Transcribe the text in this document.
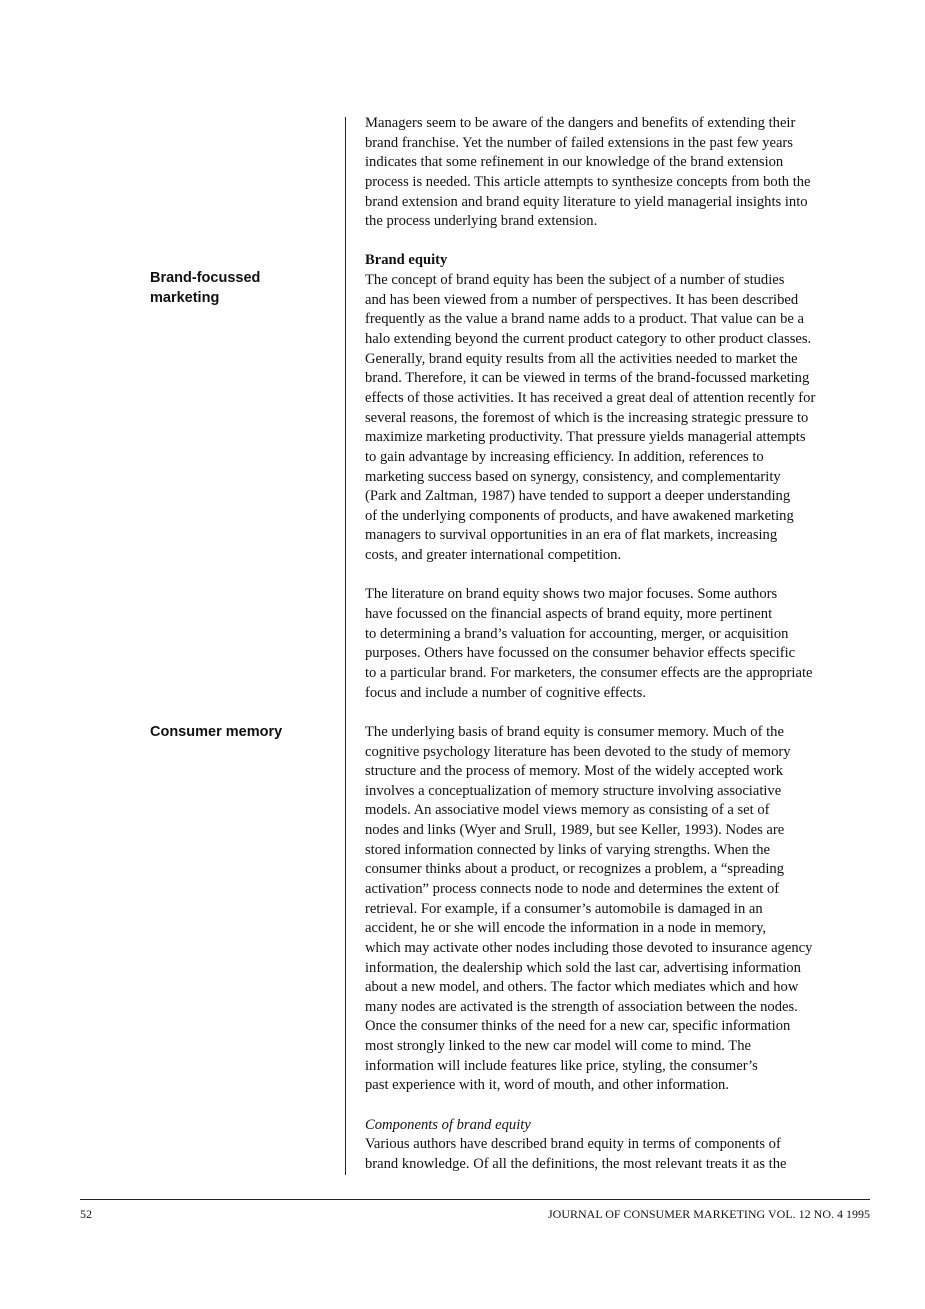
Brand-focussed
marketing
Consumer memory
Managers seem to be aware of the dangers and benefits of extending their
brand franchise. Yet the number of failed extensions in the past few years
indicates that some refinement in our knowledge of the brand extension
process is needed. This article attempts to synthesize concepts from both the
brand extension and brand equity literature to yield managerial insights into
the process underlying brand extension.
Brand equity
The concept of brand equity has been the subject of a number of studies
and has been viewed from a number of perspectives. It has been described
frequently as the value a brand name adds to a product. That value can be a
halo extending beyond the current product category to other product classes.
Generally, brand equity results from all the activities needed to market the
brand. Therefore, it can be viewed in terms of the brand-focussed marketing
effects of those activities. It has received a great deal of attention recently for
several reasons, the foremost of which is the increasing strategic pressure to
maximize marketing productivity. That pressure yields managerial attempts
to gain advantage by increasing efficiency. In addition, references to
marketing success based on synergy, consistency, and complementarity
(Park and Zaltman, 1987) have tended to support a deeper understanding
of the underlying components of products, and have awakened marketing
managers to survival opportunities in an era of flat markets, increasing
costs, and greater international competition.
The literature on brand equity shows two major focuses. Some authors
have focussed on the financial aspects of brand equity, more pertinent
to determining a brand’s valuation for accounting, merger, or acquisition
purposes. Others have focussed on the consumer behavior effects specific
to a particular brand. For marketers, the consumer effects are the appropriate
focus and include a number of cognitive effects.
The underlying basis of brand equity is consumer memory. Much of the
cognitive psychology literature has been devoted to the study of memory
structure and the process of memory. Most of the widely accepted work
involves a conceptualization of memory structure involving associative
models. An associative model views memory as consisting of a set of
nodes and links (Wyer and Srull, 1989, but see Keller, 1993). Nodes are
stored information connected by links of varying strengths. When the
consumer thinks about a product, or recognizes a problem, a “spreading
activation” process connects node to node and determines the extent of
retrieval. For example, if a consumer’s automobile is damaged in an
accident, he or she will encode the information in a node in memory,
which may activate other nodes including those devoted to insurance agency
information, the dealership which sold the last car, advertising information
about a new model, and others. The factor which mediates which and how
many nodes are activated is the strength of association between the nodes.
Once the consumer thinks of the need for a new car, specific information
most strongly linked to the new car model will come to mind. The
information will include features like price, styling, the consumer’s
past experience with it, word of mouth, and other information.
Components of brand equity
Various authors have described brand equity in terms of components of
brand knowledge. Of all the definitions, the most relevant treats it as the
52	JOURNAL OF CONSUMER MARKETING VOL. 12 NO. 4 1995
